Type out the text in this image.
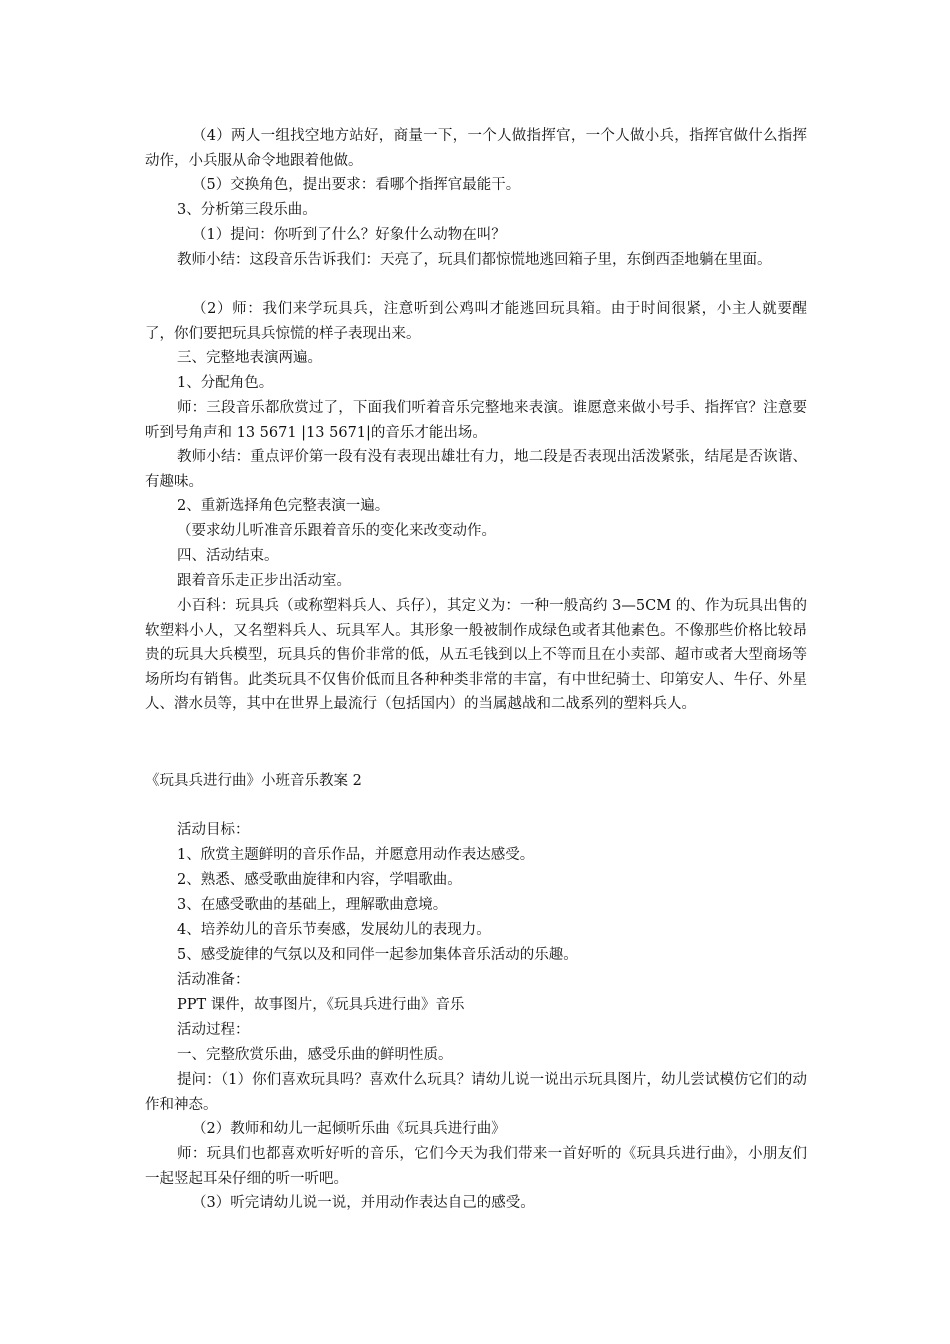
（4）两人一组找空地方站好，商量一下，一个人做指挥官，一个人做小兵，指挥官做什么指挥动作，小兵服从命令地跟着他做。

（5）交换角色，提出要求：看哪个指挥官最能干。

3、分析第三段乐曲。

（1）提问：你听到了什么？好象什么动物在叫？

教师小结：这段音乐告诉我们：天亮了，玩具们都惊慌地逃回箱子里，东倒西歪地躺在里面。

（2）师：我们来学玩具兵，注意听到公鸡叫才能逃回玩具箱。由于时间很紧，小主人就要醒了，你们要把玩具兵惊慌的样子表现出来。

三、完整地表演两遍。

1、分配角色。

师：三段音乐都欣赏过了，下面我们听着音乐完整地来表演。谁愿意来做小号手、指挥官？注意要听到号角声和 13 5671 |13 5671|的音乐才能出场。

教师小结：重点评价第一段有没有表现出雄壮有力，地二段是否表现出活泼紧张，结尾是否诙谐、有趣味。

2、重新选择角色完整表演一遍。

（要求幼儿听准音乐跟着音乐的变化来改变动作。

四、活动结束。

跟着音乐走正步出活动室。

小百科：玩具兵（或称塑料兵人、兵仔），其定义为：一种一般高约 3—5CM 的、作为玩具出售的软塑料小人，又名塑料兵人、玩具军人。其形象一般被制作成绿色或者其他素色。不像那些价格比较昂贵的玩具大兵模型，玩具兵的售价非常的低，从五毛钱到以上不等而且在小卖部、超市或者大型商场等场所均有销售。此类玩具不仅售价低而且各种种类非常的丰富，有中世纪骑士、印第安人、牛仔、外星人、潜水员等，其中在世界上最流行（包括国内）的当属越战和二战系列的塑料兵人。

《玩具兵进行曲》小班音乐教案 2

活动目标：

1、欣赏主题鲜明的音乐作品，并愿意用动作表达感受。

2、熟悉、感受歌曲旋律和内容，学唱歌曲。

3、在感受歌曲的基础上，理解歌曲意境。

4、培养幼儿的音乐节奏感，发展幼儿的表现力。

5、感受旋律的气氛以及和同伴一起参加集体音乐活动的乐趣。

活动准备：

PPT 课件，故事图片，《玩具兵进行曲》音乐

活动过程：

一、完整欣赏乐曲，感受乐曲的鲜明性质。

提问：（1）你们喜欢玩具吗？喜欢什么玩具？请幼儿说一说出示玩具图片，幼儿尝试模仿它们的动作和神态。

（2）教师和幼儿一起倾听乐曲《玩具兵进行曲》

师：玩具们也都喜欢听好听的音乐，它们今天为我们带来一首好听的《玩具兵进行曲》，小朋友们一起竖起耳朵仔细的听一听吧。

（3）听完请幼儿说一说，并用动作表达自己的感受。
